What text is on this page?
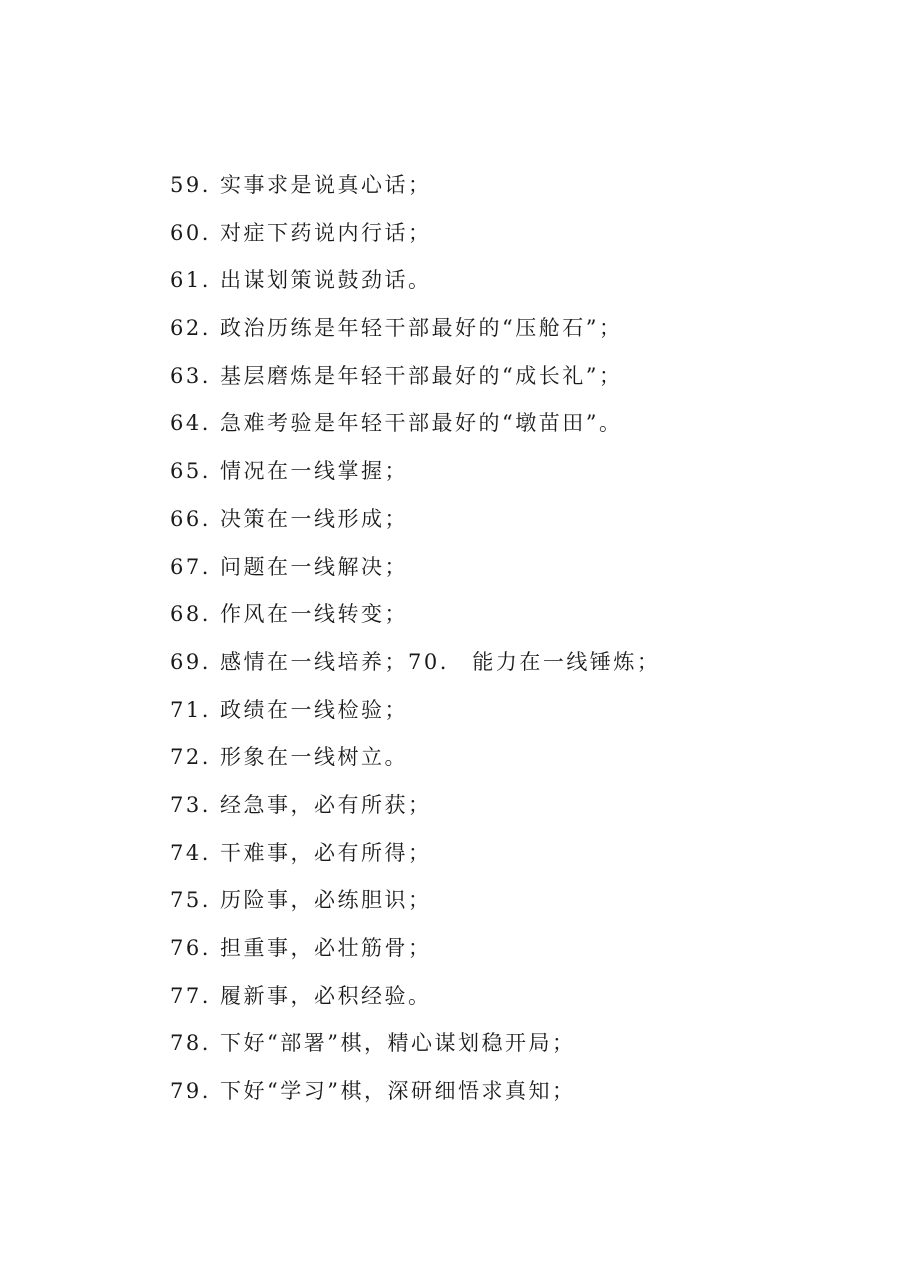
59. 实事求是说真心话；
60. 对症下药说内行话；
61. 出谋划策说鼓劲话。
62. 政治历练是年轻干部最好的“压舱石”；
63. 基层磨炼是年轻干部最好的“成长礼”；
64. 急难考验是年轻干部最好的“墩苗田”。
65. 情况在一线掌握；
66. 决策在一线形成；
67. 问题在一线解决；
68. 作风在一线转变；
69. 感情在一线培养；70.　能力在一线锤炼；
71. 政绩在一线检验；
72. 形象在一线树立。
73. 经急事，必有所获；
74. 干难事，必有所得；
75. 历险事，必练胆识；
76. 担重事，必壮筋骨；
77. 履新事，必积经验。
78. 下好“部署”棋，精心谋划稳开局；
79. 下好“学习”棋，深研细悟求真知；
